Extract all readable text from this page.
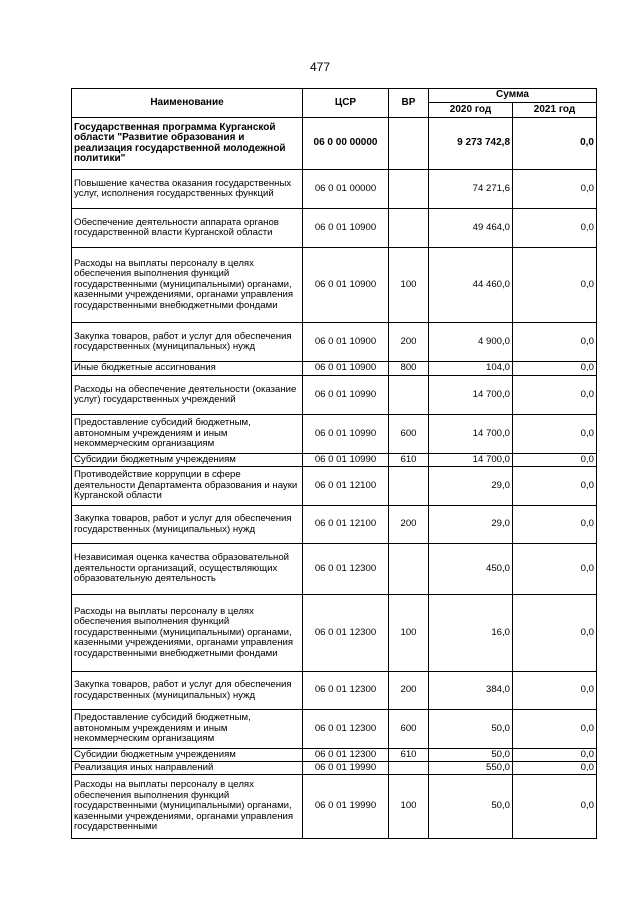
477
Наименование	ЦСР	ВР	Сумма	
			2020 год	2021 год
Государственная программа Курганской области "Развитие образования и реализация государственной молодежной политики"	06 0 00 00000		9 273 742,8	0,0
Повышение качества оказания государственных услуг, исполнения государственных функций	06 0 01 00000		74 271,6	0,0
Обеспечение деятельности аппарата органов государственной власти Курганской области	06 0 01 10900		49 464,0	0,0
Расходы на выплаты персоналу в целях обеспечения выполнения функций государственными (муниципальными) органами, казенными учреждениями, органами управления государственными внебюджетными фондами	06 0 01 10900	100	44 460,0	0,0
Закупка товаров, работ и услуг для обеспечения государственных (муниципальных) нужд	06 0 01 10900	200	4 900,0	0,0
Иные бюджетные ассигнования	06 0 01 10900	800	104,0	0,0
Расходы на обеспечение деятельности (оказание услуг) государственных учреждений	06 0 01 10990		14 700,0	0,0
Предоставление субсидий бюджетным, автономным учреждениям и иным некоммерческим организациям	06 0 01 10990	600	14 700,0	0,0
Субсидии бюджетным учреждениям	06 0 01 10990	610	14 700,0	0,0
Противодействие коррупции в сфере деятельности Департамента образования и науки Курганской области	06 0 01 12100		29,0	0,0
Закупка товаров, работ и услуг для обеспечения государственных (муниципальных) нужд	06 0 01 12100	200	29,0	0,0
Независимая оценка качества образовательной деятельности организаций, осуществляющих образовательную деятельность	06 0 01 12300		450,0	0,0
Расходы на выплаты персоналу в целях обеспечения выполнения функций государственными (муниципальными) органами, казенными учреждениями, органами управления государственными внебюджетными фондами	06 0 01 12300	100	16,0	0,0
Закупка товаров, работ и услуг для обеспечения государственных (муниципальных) нужд	06 0 01 12300	200	384,0	0,0
Предоставление субсидий бюджетным, автономным учреждениям и иным некоммерческим организациям	06 0 01 12300	600	50,0	0,0
Субсидии бюджетным учреждениям	06 0 01 12300	610	50,0	0,0
Реализация иных направлений	06 0 01 19990		550,0	0,0
Расходы на выплаты персоналу в целях обеспечения выполнения функций государственными (муниципальными) органами, казенными учреждениями, органами управления государственными	06 0 01 19990	100	50,0	0,0
